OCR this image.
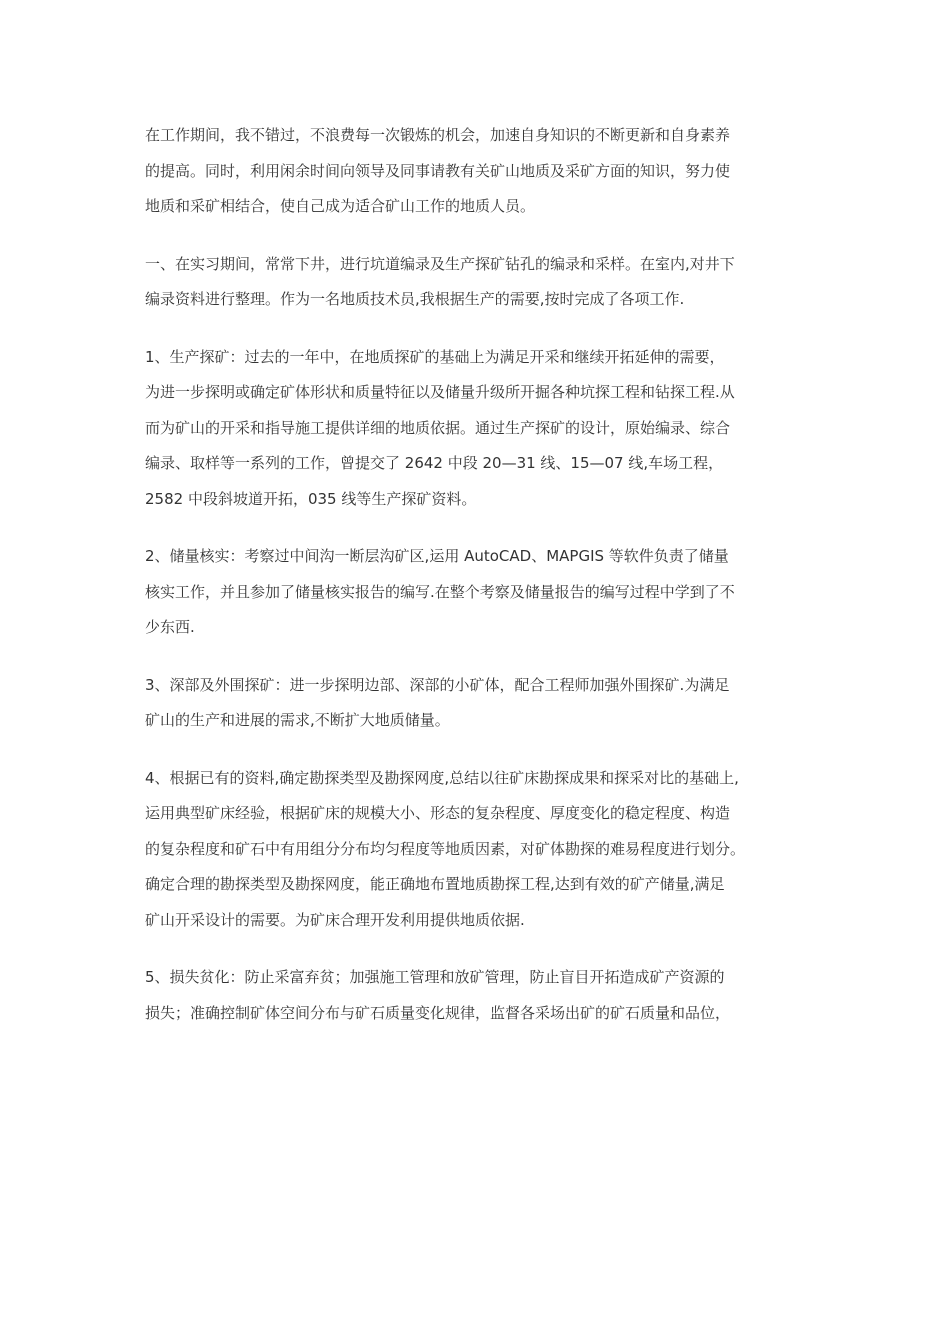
在工作期间，我不错过，不浪费每一次锻炼的机会，加速自身知识的不断更新和自身素养
的提高。同时，利用闲余时间向领导及同事请教有关矿山地质及采矿方面的知识，努力使
地质和采矿相结合，使自己成为适合矿山工作的地质人员。
一、在实习期间，常常下井，进行坑道编录及生产探矿钻孔的编录和采样。在室内,对井下
编录资料进行整理。作为一名地质技术员,我根据生产的需要,按时完成了各项工作.
1、生产探矿：过去的一年中，在地质探矿的基础上为满足开采和继续开拓延伸的需要，
为进一步探明或确定矿体形状和质量特征以及储量升级所开掘各种坑探工程和钻探工程.从
而为矿山的开采和指导施工提供详细的地质依据。通过生产探矿的设计，原始编录、综合
编录、取样等一系列的工作，曾提交了 2642 中段 20—31 线、15—07 线,车场工程，
2582 中段斜坡道开拓，035 线等生产探矿资料。
2、储量核实：考察过中间沟一断层沟矿区,运用 AutoCAD、MAPGIS 等软件负责了储量
核实工作，并且参加了储量核实报告的编写.在整个考察及储量报告的编写过程中学到了不
少东西.
3、深部及外围探矿：进一步探明边部、深部的小矿体，配合工程师加强外围探矿.为满足
矿山的生产和进展的需求,不断扩大地质储量。
4、根据已有的资料,确定勘探类型及勘探网度,总结以往矿床勘探成果和探采对比的基础上,
运用典型矿床经验，根据矿床的规模大小、形态的复杂程度、厚度变化的稳定程度、构造
的复杂程度和矿石中有用组分分布均匀程度等地质因素，对矿体勘探的难易程度进行划分。
确定合理的勘探类型及勘探网度，能正确地布置地质勘探工程,达到有效的矿产储量,满足
矿山开采设计的需要。为矿床合理开发利用提供地质依据.
5、损失贫化：防止采富弃贫；加强施工管理和放矿管理，防止盲目开拓造成矿产资源的
损失；准确控制矿体空间分布与矿石质量变化规律，监督各采场出矿的矿石质量和品位，
